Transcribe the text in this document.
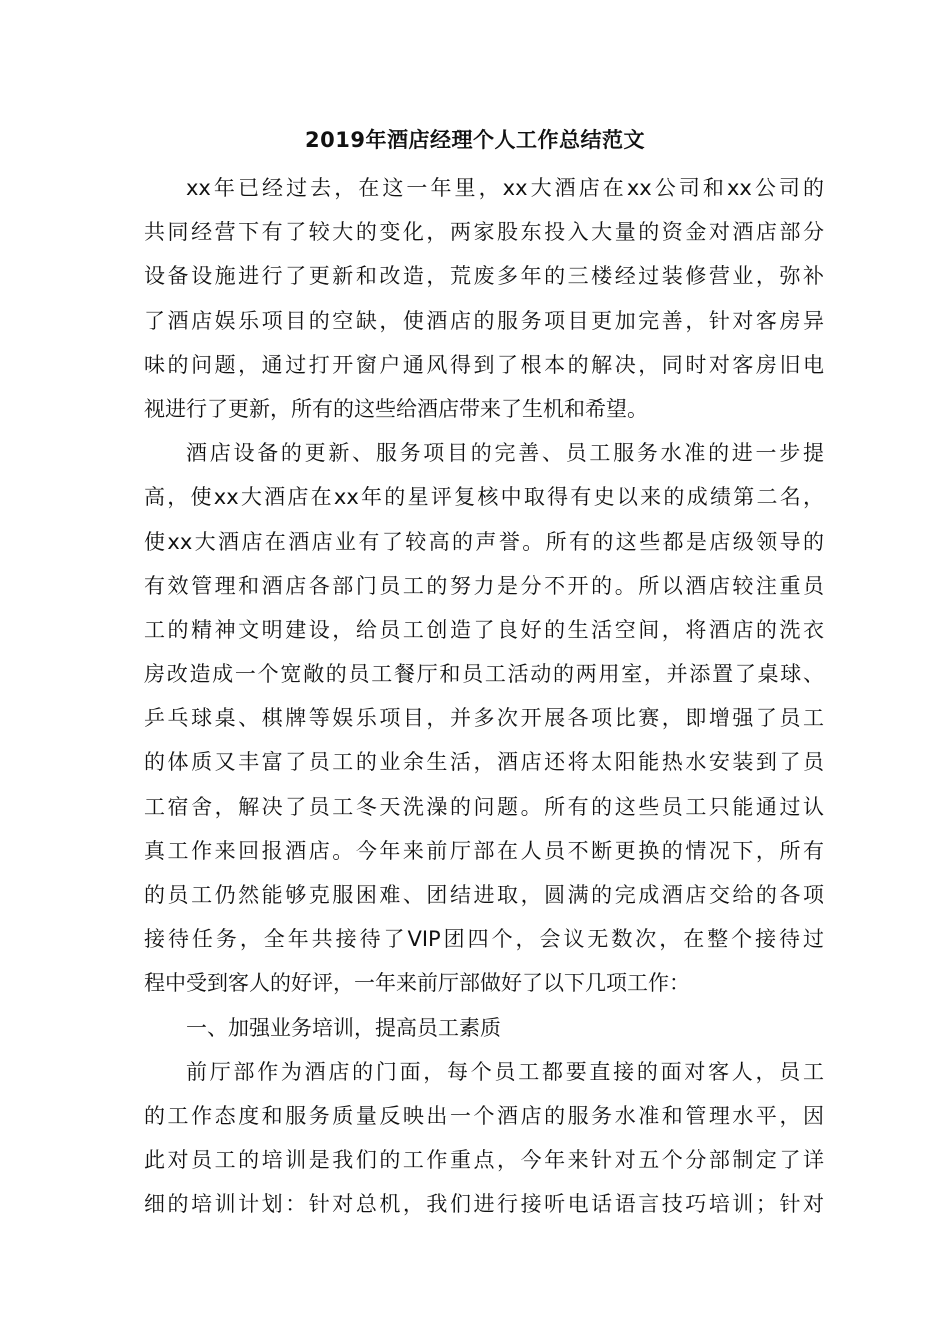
2019年酒店经理个人工作总结范文
xx年已经过去，在这一年里，xx大酒店在xx公司和xx公司的
共同经营下有了较大的变化，两家股东投入大量的资金对酒店部分
设备设施进行了更新和改造，荒废多年的三楼经过装修营业，弥补
了酒店娱乐项目的空缺，使酒店的服务项目更加完善，针对客房异
味的问题，通过打开窗户通风得到了根本的解决，同时对客房旧电
视进行了更新，所有的这些给酒店带来了生机和希望。
酒店设备的更新、服务项目的完善、员工服务水准的进一步提
高，使xx大酒店在xx年的星评复核中取得有史以来的成绩第二名，
使xx大酒店在酒店业有了较高的声誉。所有的这些都是店级领导的
有效管理和酒店各部门员工的努力是分不开的。所以酒店较注重员
工的精神文明建设，给员工创造了良好的生活空间，将酒店的洗衣
房改造成一个宽敞的员工餐厅和员工活动的两用室，并添置了桌球、
乒乓球桌、棋牌等娱乐项目，并多次开展各项比赛，即增强了员工
的体质又丰富了员工的业余生活，酒店还将太阳能热水安装到了员
工宿舍，解决了员工冬天洗澡的问题。所有的这些员工只能通过认
真工作来回报酒店。今年来前厅部在人员不断更换的情况下，所有
的员工仍然能够克服困难、团结进取，圆满的完成酒店交给的各项
接待任务，全年共接待了VIP团四个，会议无数次，在整个接待过
程中受到客人的好评，一年来前厅部做好了以下几项工作：
一、加强业务培训，提高员工素质
前厅部作为酒店的门面，每个员工都要直接的面对客人，员工
的工作态度和服务质量反映出一个酒店的服务水准和管理水平，因
此对员工的培训是我们的工作重点，今年来针对五个分部制定了详
细的培训计划：针对总机，我们进行接听电话语言技巧培训；针对
